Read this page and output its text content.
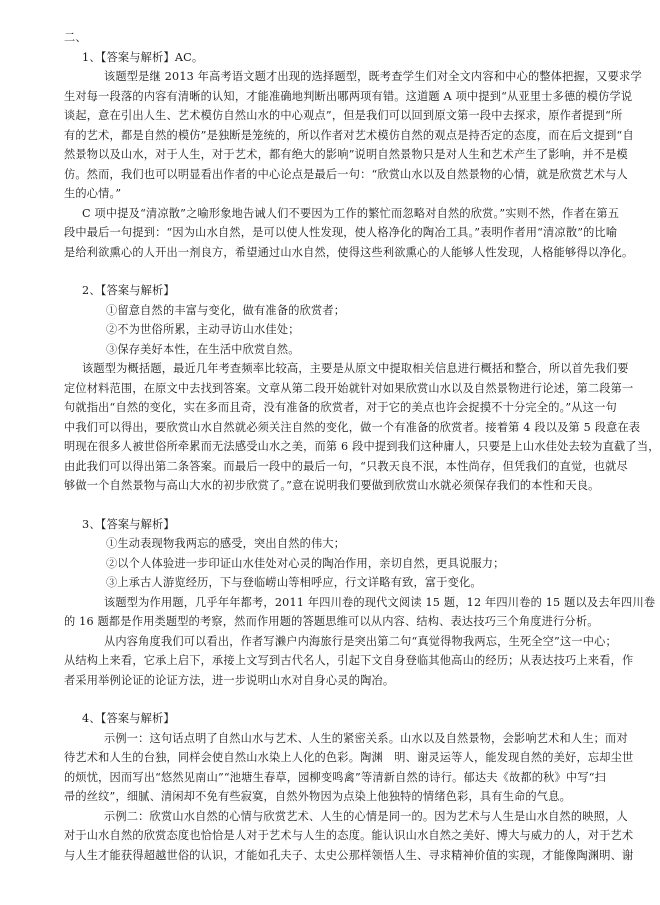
二、
1、【答案与解析】AC。
该题型是继 2013 年高考语文题才出现的选择题型，既考查学生们对全文内容和中心的整体把握，又要求学
生对每一段落的内容有清晰的认知，才能准确地判断出哪两项有错。这道题 A 项中提到“从亚里士多德的模仿学说
谈起，意在引出人生、艺术模仿自然山水的中心观点”，但是我们可以回到原文第一段中去探求，原作者提到“所
有的艺术，都是自然的模仿”是独断是笼统的，所以作者对艺术模仿自然的观点是持否定的态度，而在后文提到“自
然景物以及山水，对于人生，对于艺术，都有绝大的影响”说明自然景物只是对人生和艺术产生了影响，并不是模
仿。然而，我们也可以明显看出作者的中心论点是最后一句：“欣赏山水以及自然景物的心情，就是欣赏艺术与人
生的心情。”
C 项中提及“清凉散”之喻形象地告诫人们不要因为工作的繁忙而忽略对自然的欣赏。”实则不然，作者在第五
段中最后一句提到：“因为山水自然，是可以使人性发现，使人格净化的陶冶工具。”表明作者用“清凉散”的比喻
是给利欲熏心的人开出一剂良方，希望通过山水自然，使得这些利欲熏心的人能够人性发现，人格能够得以净化。
2、【答案与解析】
①留意自然的丰富与变化，做有准备的欣赏者；
②不为世俗所累，主动寻访山水佳处；
③保存美好本性，在生活中欣赏自然。
该题型为概括题，最近几年考查频率比较高，主要是从原文中提取相关信息进行概括和整合，所以首先我们要
定位材料范围，在原文中去找到答案。文章从第二段开始就针对如果欣赏山水以及自然景物进行论述，第二段第一
句就指出“自然的变化，实在多而且奇，没有准备的欣赏者，对于它的美点也许会捉摸不十分完全的。”从这一句
中我们可以得出，要欣赏山水自然就必须关注自然的变化，做一个有准备的欣赏者。接着第 4 段以及第 5 段意在表
明现在很多人被世俗所牵累而无法感受山水之美，而第 6 段中提到我们这种庸人，只要是上山水佳处去较为直截了当，
由此我们可以得出第二条答案。而最后一段中的最后一句，“只教天良不泯，本性尚存，但凭我们的直觉，也就尽
够做一个自然景物与高山大水的初步欣赏了。”意在说明我们要做到欣赏山水就必须保存我们的本性和天良。
3、【答案与解析】
①生动表现物我两忘的感受，突出自然的伟大；
②以个人体验进一步印证山水佳处对心灵的陶冶作用，亲切自然，更具说服力；
③上承古人游览经历，下与登临崂山等相呼应，行文详略有致，富于变化。
该题型为作用题，几乎年年都考，2011 年四川卷的现代文阅读 15 题，12 年四川卷的 15 题以及去年四川卷
的 16 题都是作用类题型的考察，然而作用题的答题思维可以从内容、结构、表达技巧三个角度进行分析。
从内容角度我们可以看出，作者写濑户内海旅行是突出第二句“真觉得物我两忘，生死全空”这一中心；
从结构上来看，它承上启下，承接上文写到古代名人，引起下文自身登临其他高山的经历；从表达技巧上来看，作
者采用举例论证的论证方法，进一步说明山水对自身心灵的陶冶。
4、【答案与解析】
示例一：这句话点明了自然山水与艺术、人生的紧密关系。山水以及自然景物，会影响艺术和人生；而对
待艺术和人生的台独，同样会使自然山水染上人化的色彩。陶渊　明、谢灵运等人，能发现自然的美好，忘却尘世
的烦忧，因而写出“悠然见南山”“池塘生春草，园柳变鸣禽”等清新自然的诗行。郁达夫《故都的秋》中写“扫
帚的丝纹”，细腻、清闲却不免有些寂寞，自然外物因为点染上他独特的情绪色彩，具有生命的气息。
示例二：欣赏山水自然的心情与欣赏艺术、人生的心情是同一的。因为艺术与人生是山水自然的映照，人
对于山水自然的欣赏态度也恰恰是人对于艺术与人生的态度。能认识山水自然之美好、博大与威力的人，对于艺术
与人生才能获得超越世俗的认识，才能如孔夫子、太史公那样领悟人生、寻求精神价值的实现，才能像陶渊明、谢
